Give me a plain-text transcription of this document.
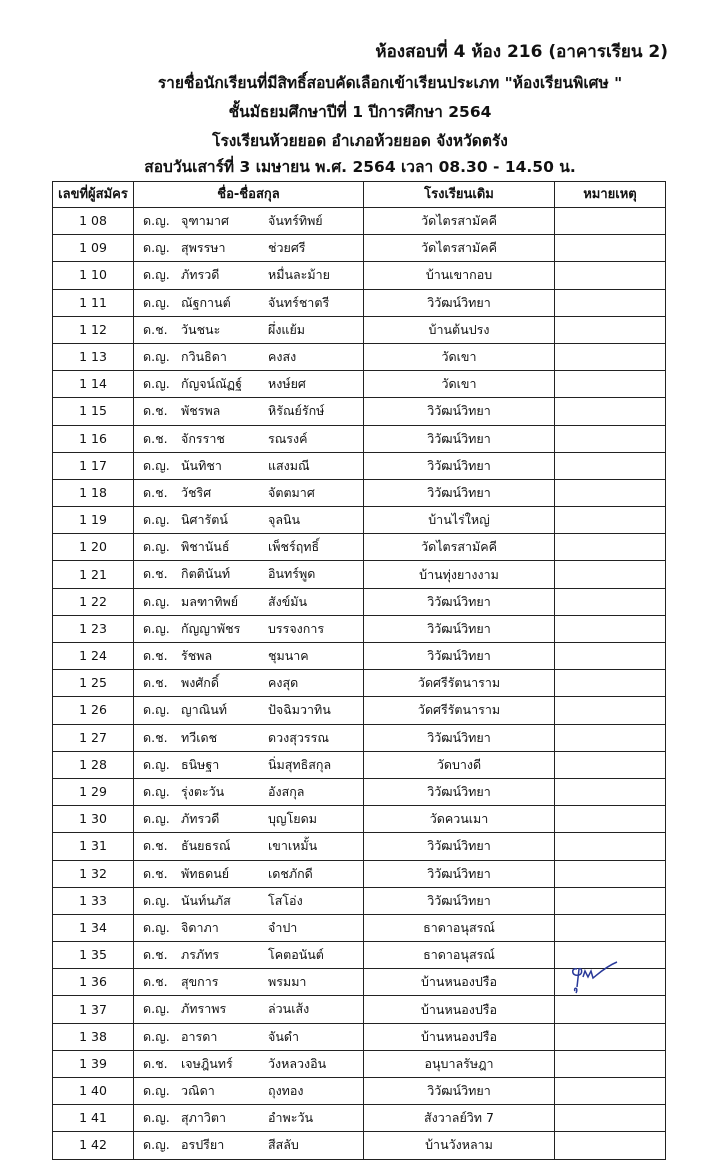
ห้องสอบที่ 4 ห้อง 216 (อาคารเรียน 2)
รายชื่อนักเรียนที่มีสิทธิ์สอบคัดเลือกเข้าเรียนประเภท "ห้องเรียนพิเศษ "
ชั้นมัธยมศึกษาปีที่ 1 ปีการศึกษา 2564
โรงเรียนห้วยยอด อำเภอห้วยยอด จังหวัดตรัง
สอบวันเสาร์ที่ 3 เมษายน พ.ศ. 2564 เวลา 08.30 - 14.50 น.
เลขที่ผู้สมัคร	ชื่อ-ชื่อสกุล	โรงเรียนเดิม	หมายเหตุ
1 08	ด.ญ. จุฑามาศ จันทร์ทิพย์	วัดไตรสามัคคี	
1 09	ด.ญ. สุพรรษา ช่วยศรี	วัดไตรสามัคคี	
1 10	ด.ญ. ภัทรวดี หมื่นละม้าย	บ้านเขากอบ	
1 11	ด.ญ. ณัฐกานต์ จันทร์ชาตรี	วิวัฒน์วิทยา	
1 12	ด.ช. วันชนะ ผึ่งแย้ม	บ้านต้นปรง	
1 13	ด.ญ. กวินธิดา คงสง	วัดเขา	
1 14	ด.ญ. กัญจน์ณัฏฐ์ หงษ์ยศ	วัดเขา	
1 15	ด.ช. พัชรพล หิรัณย์รักษ์	วิวัฒน์วิทยา	
1 16	ด.ช. จักรราช รณรงค์	วิวัฒน์วิทยา	
1 17	ด.ญ. นันทิชา แสงมณี	วิวัฒน์วิทยา	
1 18	ด.ช. วัชริศ จัตตมาศ	วิวัฒน์วิทยา	
1 19	ด.ญ. นิศารัตน์ จุลนิน	บ้านไร่ใหญ่	
1 20	ด.ญ. พิชานันธ์ เพ็ชร์ฤทธิ์	วัดไตรสามัคคี	
1 21	ด.ช. กิตตินันท์ อินทร์พูด	บ้านทุ่งยางงาม	
1 22	ด.ญ. มลฑาทิพย์ สังข์มัน	วิวัฒน์วิทยา	
1 23	ด.ญ. กัญญาพัชร บรรจงการ	วิวัฒน์วิทยา	
1 24	ด.ช. รัชพล ชุมนาค	วิวัฒน์วิทยา	
1 25	ด.ช. พงศักดิ์ คงสุด	วัดศรีรัตนาราม	
1 26	ด.ญ. ญาณินท์ ปัจฉิมวาทิน	วัดศรีรัตนาราม	
1 27	ด.ช. ทวีเดช ดวงสุวรรณ	วิวัฒน์วิทยา	
1 28	ด.ญ. ธนิษฐา นิ่มสุทธิสกุล	วัดบางดี	
1 29	ด.ญ. รุ่งตะวัน อังสกุล	วิวัฒน์วิทยา	
1 30	ด.ญ. ภัทรวดี บุญโยดม	วัดควนเมา	
1 31	ด.ช. ธันยธรณ์ เขาเหมั้น	วิวัฒน์วิทยา	
1 32	ด.ช. พัทธดนย์ เดชภักดี	วิวัฒน์วิทยา	
1 33	ด.ญ. นันท์นภัส โสโอ่ง	วิวัฒน์วิทยา	
1 34	ด.ญ. จิดาภา จำปา	ธาดาอนุสรณ์	
1 35	ด.ช. ภรภัทร โคตอนันต์	ธาดาอนุสรณ์	
1 36	ด.ช. สุขการ พรมมา	บ้านหนองปรือ	
1 37	ด.ญ. ภัทราพร ล่วนเส้ง	บ้านหนองปรือ	
1 38	ด.ญ. อารดา จันดำ	บ้านหนองปรือ	
1 39	ด.ช. เจษฎินทร์ วังหลวงอิน	อนุบาลรัษฎา	
1 40	ด.ญ. วณิดา ถุงทอง	วิวัฒน์วิทยา	
1 41	ด.ญ. สุภาวิตา อำพะวัน	สังวาลย์วิท 7	
1 42	ด.ญ. อรปรียา สีสลับ	บ้านวังหลาม	
